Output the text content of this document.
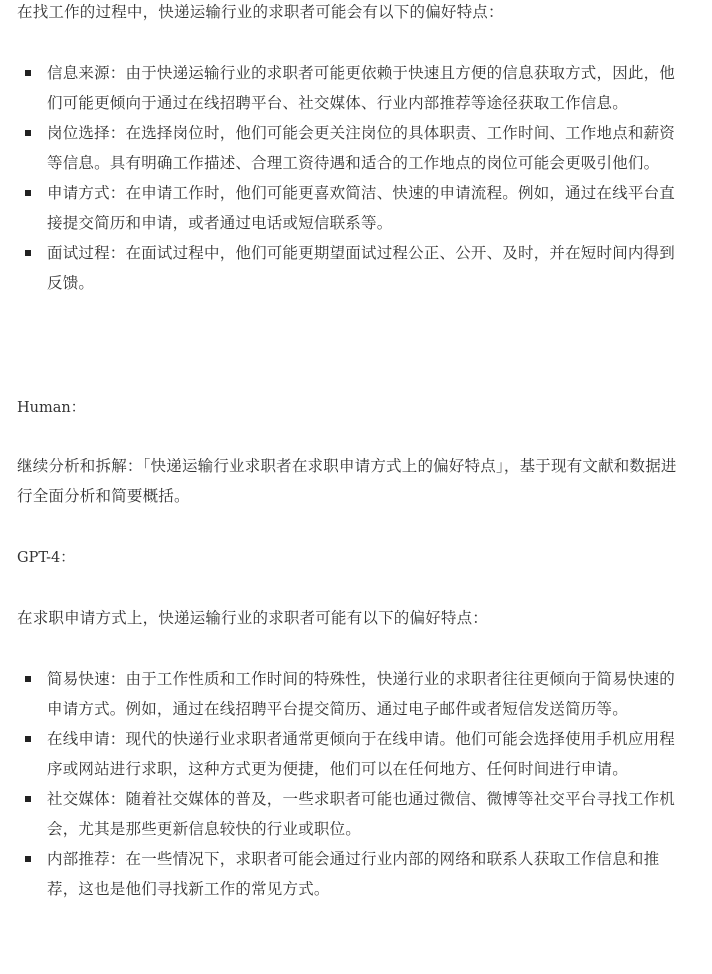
在找工作的过程中，快递运输行业的求职者可能会有以下的偏好特点：

信息来源：由于快递运输行业的求职者可能更依赖于快速且方便的信息获取方式，因此，他们可能更倾向于通过在线招聘平台、社交媒体、行业内部推荐等途径获取工作信息。
岗位选择：在选择岗位时，他们可能会更关注岗位的具体职责、工作时间、工作地点和薪资等信息。具有明确工作描述、合理工资待遇和适合的工作地点的岗位可能会更吸引他们。
申请方式：在申请工作时，他们可能更喜欢简洁、快速的申请流程。例如，通过在线平台直接提交简历和申请，或者通过电话或短信联系等。
面试过程：在面试过程中，他们可能更期望面试过程公正、公开、及时，并在短时间内得到反馈。

Human：

继续分析和拆解：「快递运输行业求职者在求职申请方式上的偏好特点」，基于现有文献和数据进行全面分析和简要概括。

GPT-4：

在求职申请方式上，快递运输行业的求职者可能有以下的偏好特点：

简易快速：由于工作性质和工作时间的特殊性，快递行业的求职者往往更倾向于简易快速的申请方式。例如，通过在线招聘平台提交简历、通过电子邮件或者短信发送简历等。
在线申请：现代的快递行业求职者通常更倾向于在线申请。他们可能会选择使用手机应用程序或网站进行求职，这种方式更为便捷，他们可以在任何地方、任何时间进行申请。
社交媒体：随着社交媒体的普及，一些求职者可能也通过微信、微博等社交平台寻找工作机会，尤其是那些更新信息较快的行业或职位。
内部推荐：在一些情况下，求职者可能会通过行业内部的网络和联系人获取工作信息和推荐，这也是他们寻找新工作的常见方式。
